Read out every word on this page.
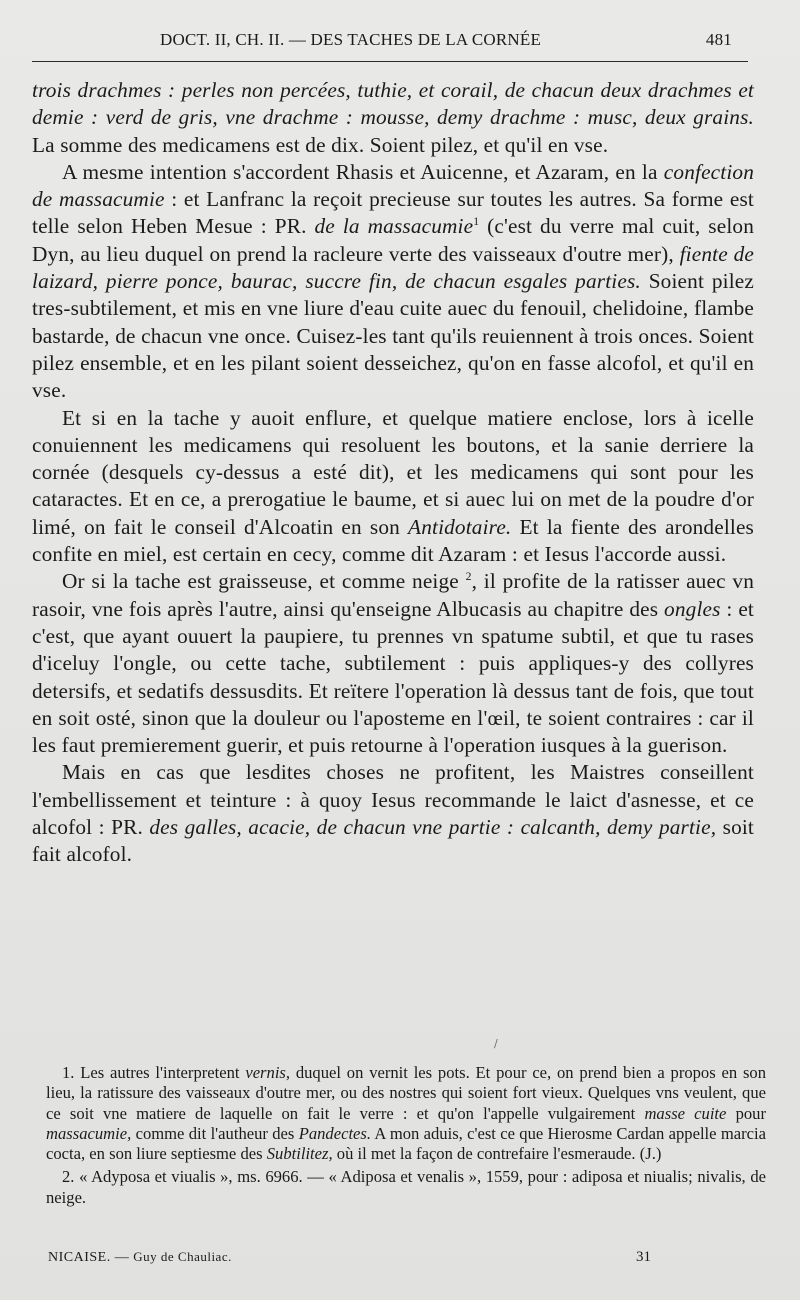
DOCT. II, CH. II. — DES TACHES DE LA CORNÉE	481

trois drachmes : perles non percées, tuthie, et corail, de chacun deux drachmes et demie : verd de gris, vne drachme : mousse, demy drachme : musc, deux grains. La somme des medicamens est de dix. Soient pilez, et qu'il en vse.

A mesme intention s'accordent Rhasis et Auicenne, et Azaram, en la confection de massacumie : et Lanfranc la reçoit precieuse sur toutes les autres. Sa forme est telle selon Heben Mesue : PR. de la massacumie$^1$ (c'est du verre mal cuit, selon Dyn, au lieu duquel on prend la racleure verte des vaisseaux d'outre mer), fiente de laizard, pierre ponce, baurac, succre fin, de chacun esgales parties. Soient pilez tres-subtilement, et mis en vne liure d'eau cuite auec du fenouil, chelidoine, flambe bastarde, de chacun vne once. Cuisez-les tant qu'ils reuiennent à trois onces. Soient pilez ensemble, et en les pilant soient desseichez, qu'on en fasse alcofol, et qu'il en vse.

Et si en la tache y auoit enflure, et quelque matiere enclose, lors à icelle conuiennent les medicamens qui resoluent les boutons, et la sanie derriere la cornée (desquels cy-dessus a esté dit), et les medicamens qui sont pour les cataractes. Et en ce, a prerogatiue le baume, et si auec lui on met de la poudre d'or limé, on fait le conseil d'Alcoatin en son Antidotaire. Et la fiente des arondelles confite en miel, est certain en cecy, comme dit Azaram : et Iesus l'accorde aussi.

Or si la tache est graisseuse, et comme neige $^2$, il profite de la ratisser auec vn rasoir, vne fois après l'autre, ainsi qu'enseigne Albucasis au chapitre des ongles : et c'est, que ayant ouuert la paupiere, tu prennes vn spatume subtil, et que tu rases d'iceluy l'ongle, ou cette tache, subtilement : puis appliques-y des collyres detersifs, et sedatifs dessusdits. Et reïtere l'operation là dessus tant de fois, que tout en soit osté, sinon que la douleur ou l'aposteme en l'œil, te soient contraires : car il les faut premierement guerir, et puis retourne à l'operation iusques à la guerison.

Mais en cas que lesdites choses ne profitent, les Maistres conseillent l'embellissement et teinture : à quoy Iesus recommande le laict d'asnesse, et ce alcofol : PR. des galles, acacie, de chacun vne partie : calcanth, demy partie, soit fait alcofol.

/

1. Les autres l'interpretent vernis, duquel on vernit les pots. Et pour ce, on prend bien a propos en son lieu, la ratissure des vaisseaux d'outre mer, ou des nostres qui soient fort vieux. Quelques vns veulent, que ce soit vne matiere de laquelle on fait le verre : et qu'on l'appelle vulgairement masse cuite pour massacumie, comme dit l'autheur des Pandectes. A mon aduis, c'est ce que Hierosme Cardan appelle marcia cocta, en son liure septiesme des Subtilitez, où il met la façon de contrefaire l'esmeraude. (J.)

2. « Adyposa et viualis », ms. 6966. — « Adiposa et venalis », 1559, pour : adiposa et niualis; nivalis, de neige.

NICAISE. — Guy de Chauliac.	31
